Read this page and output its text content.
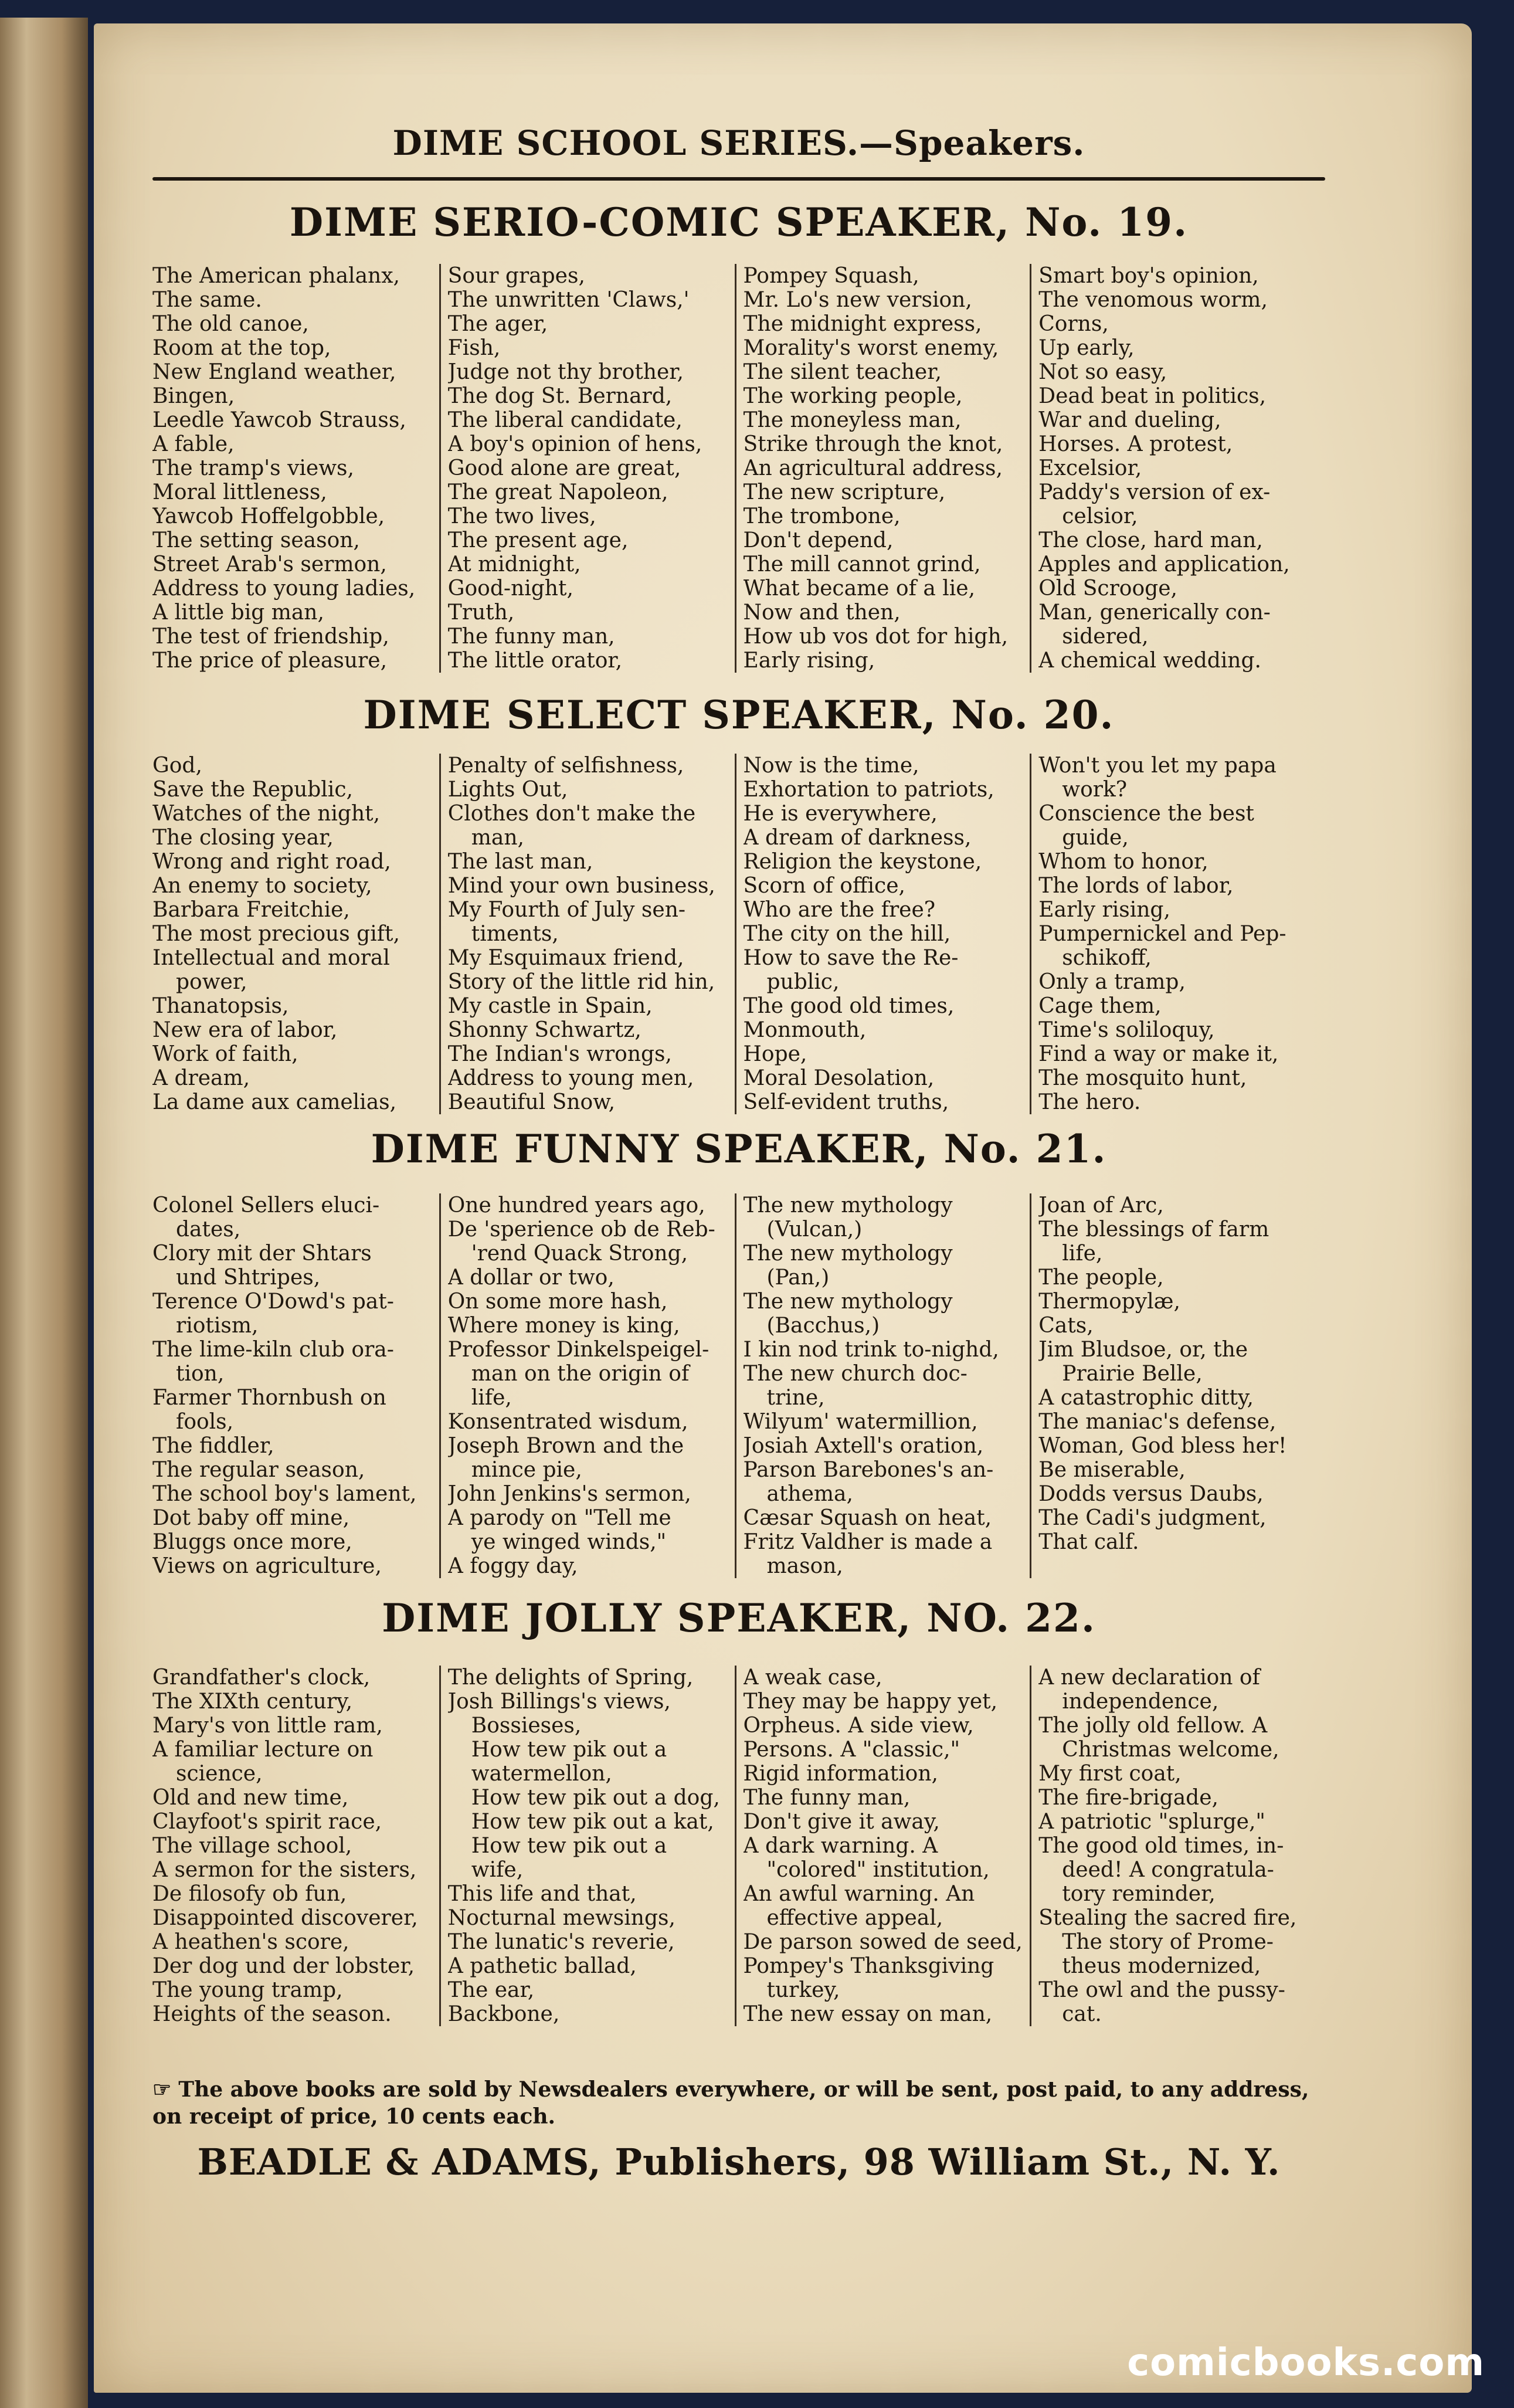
DIME SCHOOL SERIES.—Speakers.
DIME SERIO-COMIC SPEAKER, No. 19.
The American phalanx,
The same.
The old canoe,
Room at the top,
New England weather,
Bingen,
Leedle Yawcob Strauss,
A fable,
The tramp's views,
Moral littleness,
Yawcob Hoffelgobble,
The setting season,
Street Arab's sermon,
Address to young ladies,
A little big man,
The test of friendship,
The price of pleasure,
Sour grapes,
The unwritten 'Claws,'
The ager,
Fish,
Judge not thy brother,
The dog St. Bernard,
The liberal candidate,
A boy's opinion of hens,
Good alone are great,
The great Napoleon,
The two lives,
The present age,
At midnight,
Good-night,
Truth,
The funny man,
The little orator,
Pompey Squash,
Mr. Lo's new version,
The midnight express,
Morality's worst enemy,
The silent teacher,
The working people,
The moneyless man,
Strike through the knot,
An agricultural address,
The new scripture,
The trombone,
Don't depend,
The mill cannot grind,
What became of a lie,
Now and then,
How ub vos dot for high,
Early rising,
Smart boy's opinion,
The venomous worm,
Corns,
Up early,
Not so easy,
Dead beat in politics,
War and dueling,
Horses. A protest,
Excelsior,
Paddy's version of ex-
celsior,
The close, hard man,
Apples and application,
Old Scrooge,
Man, generically con-
sidered,
A chemical wedding.
DIME SELECT SPEAKER, No. 20.
God,
Save the Republic,
Watches of the night,
The closing year,
Wrong and right road,
An enemy to society,
Barbara Freitchie,
The most precious gift,
Intellectual and moral
power,
Thanatopsis,
New era of labor,
Work of faith,
A dream,
La dame aux camelias,
Penalty of selfishness,
Lights Out,
Clothes don't make the
man,
The last man,
Mind your own business,
My Fourth of July sen-
timents,
My Esquimaux friend,
Story of the little rid hin,
My castle in Spain,
Shonny Schwartz,
The Indian's wrongs,
Address to young men,
Beautiful Snow,
Now is the time,
Exhortation to patriots,
He is everywhere,
A dream of darkness,
Religion the keystone,
Scorn of office,
Who are the free?
The city on the hill,
How to save the Re-
public,
The good old times,
Monmouth,
Hope,
Moral Desolation,
Self-evident truths,
Won't you let my papa
work?
Conscience the best
guide,
Whom to honor,
The lords of labor,
Early rising,
Pumpernickel and Pep-
schikoff,
Only a tramp,
Cage them,
Time's soliloquy,
Find a way or make it,
The mosquito hunt,
The hero.
DIME FUNNY SPEAKER, No. 21.
Colonel Sellers eluci-
dates,
Clory mit der Shtars
und Shtripes,
Terence O'Dowd's pat-
riotism,
The lime-kiln club ora-
tion,
Farmer Thornbush on
fools,
The fiddler,
The regular season,
The school boy's lament,
Dot baby off mine,
Bluggs once more,
Views on agriculture,
One hundred years ago,
De 'sperience ob de Reb-
'rend Quack Strong,
A dollar or two,
On some more hash,
Where money is king,
Professor Dinkelspeigel-
man on the origin of
life,
Konsentrated wisdum,
Joseph Brown and the
mince pie,
John Jenkins's sermon,
A parody on "Tell me
ye winged winds,"
A foggy day,
The new mythology
(Vulcan,)
The new mythology
(Pan,)
The new mythology
(Bacchus,)
I kin nod trink to-nighd,
The new church doc-
trine,
Wilyum' watermillion,
Josiah Axtell's oration,
Parson Barebones's an-
athema,
Cæsar Squash on heat,
Fritz Valdher is made a
mason,
Joan of Arc,
The blessings of farm
life,
The people,
Thermopylæ,
Cats,
Jim Bludsoe, or, the
Prairie Belle,
A catastrophic ditty,
The maniac's defense,
Woman, God bless her!
Be miserable,
Dodds versus Daubs,
The Cadi's judgment,
That calf.
DIME JOLLY SPEAKER, NO. 22.
Grandfather's clock,
The XIXth century,
Mary's von little ram,
A familiar lecture on
science,
Old and new time,
Clayfoot's spirit race,
The village school,
A sermon for the sisters,
De filosofy ob fun,
Disappointed discoverer,
A heathen's score,
Der dog und der lobster,
The young tramp,
Heights of the season.
The delights of Spring,
Josh Billings's views,
Bossieses,
How tew pik out a
watermellon,
How tew pik out a dog,
How tew pik out a kat,
How tew pik out a
wife,
This life and that,
Nocturnal mewsings,
The lunatic's reverie,
A pathetic ballad,
The ear,
Backbone,
A weak case,
They may be happy yet,
Orpheus. A side view,
Persons. A "classic,"
Rigid information,
The funny man,
Don't give it away,
A dark warning. A
"colored" institution,
An awful warning. An
effective appeal,
De parson sowed de seed,
Pompey's Thanksgiving
turkey,
The new essay on man,
A new declaration of
independence,
The jolly old fellow. A
Christmas welcome,
My first coat,
The fire-brigade,
A patriotic "splurge,"
The good old times, in-
deed! A congratula-
tory reminder,
Stealing the sacred fire,
The story of Prome-
theus modernized,
The owl and the pussy-
cat.
☞ The above books are sold by Newsdealers everywhere, or will be sent, post paid, to any address, on receipt of price, 10 cents each.
BEADLE & ADAMS, Publishers, 98 William St., N. Y.
comicbooks.com
